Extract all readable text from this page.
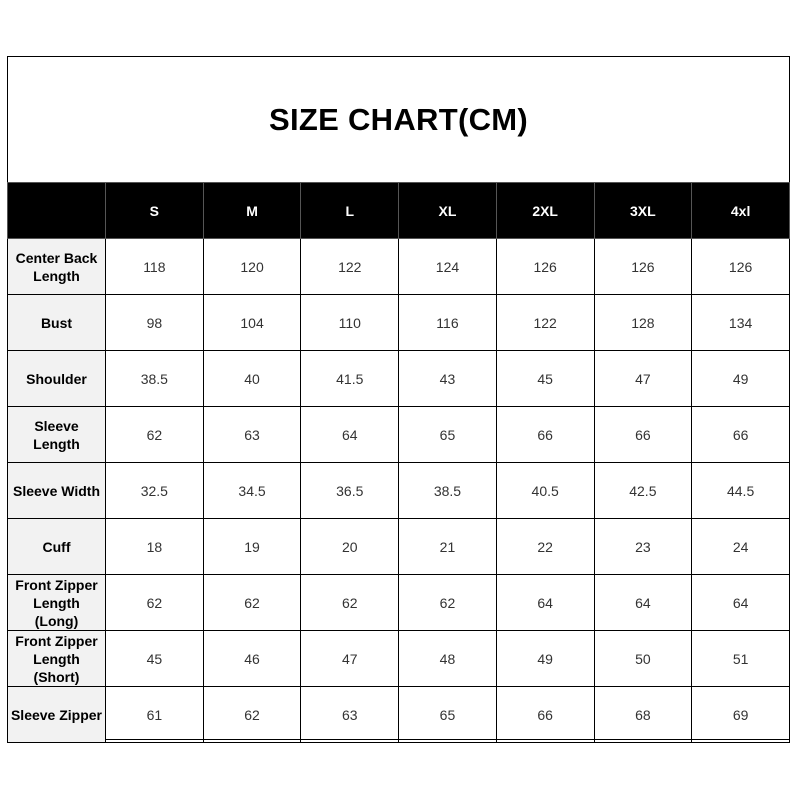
SIZE CHART(CM)
	S	M	L	XL	2XL	3XL	4xl

Center Back
Length	118	120	122	124	126	126	126

Bust	98	104	110	116	122	128	134

Shoulder	38.5	40	41.5	43	45	47	49

Sleeve
Length	62	63	64	65	66	66	66

Sleeve Width	32.5	34.5	36.5	38.5	40.5	42.5	44.5

Cuff	18	19	20	21	22	23	24

Front Zipper
Length
(Long)	62	62	62	62	64	64	64

Front Zipper
Length
(Short)	45	46	47	48	49	50	51

Sleeve Zipper	61	62	63	65	66	68	69
